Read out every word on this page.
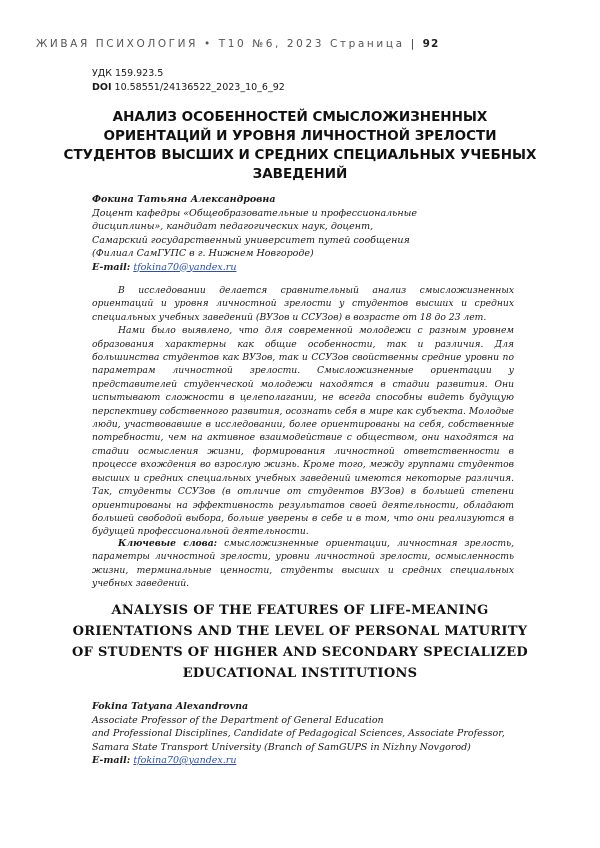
ЖИВАЯ ПСИХОЛОГИЯ • Т10 №6, 2023 Страница | 92
УДК 159.923.5
DOI 10.58551/24136522_2023_10_6_92
АНАЛИЗ ОСОБЕННОСТЕЙ СМЫСЛОЖИЗНЕННЫХ ОРИЕНТАЦИЙ И УРОВНЯ ЛИЧНОСТНОЙ ЗРЕЛОСТИ СТУДЕНТОВ ВЫСШИХ И СРЕДНИХ СПЕЦИАЛЬНЫХ УЧЕБНЫХ ЗАВЕДЕНИЙ
Фокина Татьяна Александровна
Доцент кафедры «Общеобразовательные и профессиональные
дисциплины», кандидат педагогических наук, доцент,
Самарский государственный университет путей сообщения
(Филиал СамГУПС в г. Нижнем Новгороде)
E-mail: tfokina70@yandex.ru

В исследовании делается сравнительный анализ смысложизненных ориентаций и уровня личностной зрелости у студентов высших и средних специальных учебных заведений (ВУЗов и ССУЗов) в возрасте от 18 до 23 лет.

Нами было выявлено, что для современной молодежи с разным уровнем образования характерны как общие особенности, так и различия. Для большинства студентов как ВУЗов, так и ССУЗов свойственны средние уровни по параметрам личностной зрелости. Смысложизненные ориентации у представителей студенческой молодежи находятся в стадии развития. Они испытывают сложности в целеполагании, не всегда способны видеть будущую перспективу собственного развития, осознать себя в мире как субъекта. Молодые люди, участвовавшие в исследовании, более ориентированы на себя, собственные потребности, чем на активное взаимодействие с обществом, они находятся на стадии осмысления жизни, формирования личностной ответственности в процессе вхождения во взрослую жизнь. Кроме того, между группами студентов высших и средних специальных учебных заведений имеются некоторые различия. Так, студенты ССУЗов (в отличие от студентов ВУЗов) в большей степени ориентированы на эффективность результатов своей деятельности, обладают большей свободой выбора, больше уверены в себе и в том, что они реализуются в будущей профессиональной деятельности.

Ключевые слова: смысложизненные ориентации, личностная зрелость, параметры личностной зрелости, уровни личностной зрелости, осмысленность жизни, терминальные ценности, студенты высших и средних специальных учебных заведений.

ANALYSIS OF THE FEATURES OF LIFE-MEANING ORIENTATIONS AND THE LEVEL OF PERSONAL MATURITY OF STUDENTS OF HIGHER AND SECONDARY SPECIALIZED EDUCATIONAL INSTITUTIONS
Fokina Tatyana Alexandrovna
Associate Professor of the Department of General Education
and Professional Disciplines, Candidate of Pedagogical Sciences, Associate Professor,
Samara State Transport University (Branch of SamGUPS in Nizhny Novgorod)
E-mail: tfokina70@yandex.ru
